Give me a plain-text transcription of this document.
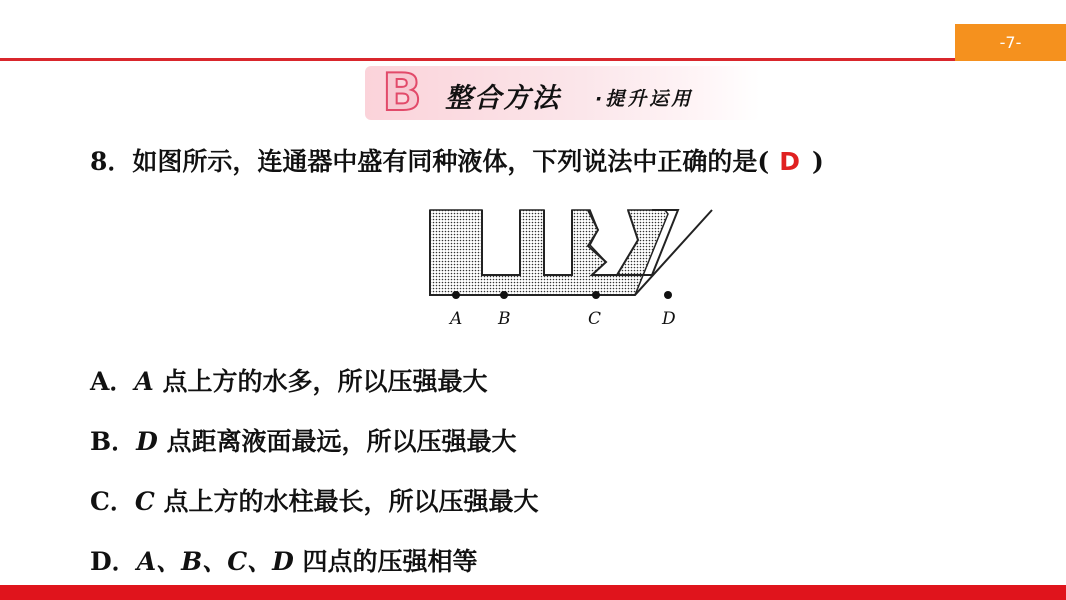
-7-
B 整合方法 ·提升运用
8．如图所示，连通器中盛有同种液体，下列说法中正确的是( D )
A B	C	D
A．A 点上方的水多，所以压强最大
B．D 点距离液面最远，所以压强最大
C．C 点上方的水柱最长，所以压强最大
D．A、B、C、D 四点的压强相等
